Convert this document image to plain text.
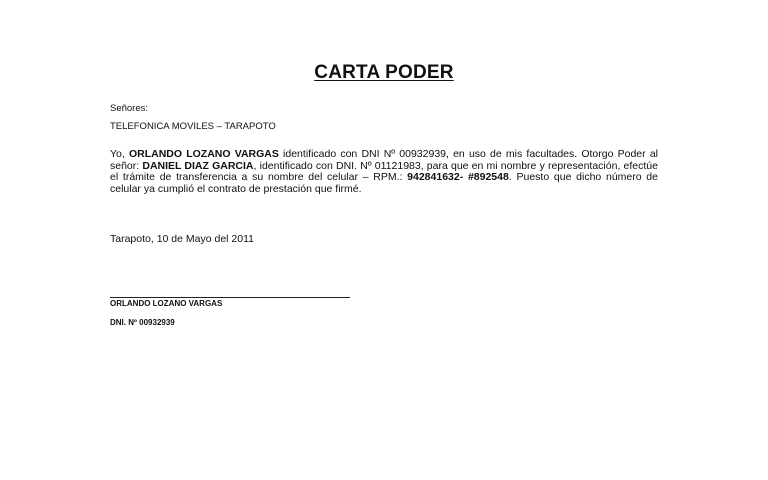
CARTA PODER
Señores:
TELEFONICA MOVILES – TARAPOTO
Yo, ORLANDO LOZANO VARGAS identificado con DNI Nº 00932939, en uso de mis facultades. Otorgo Poder al señor: DANIEL DIAZ GARCIA, identificado con DNI. Nº 01121983, para que en mi nombre y representación, efectúe el trámite de transferencia a su nombre del celular – RPM.: 942841632- #892548. Puesto que dicho número de celular ya cumplió el contrato de prestación que firmé.
Tarapoto, 10 de Mayo del 2011
ORLANDO LOZANO VARGAS
DNI. Nº 00932939
